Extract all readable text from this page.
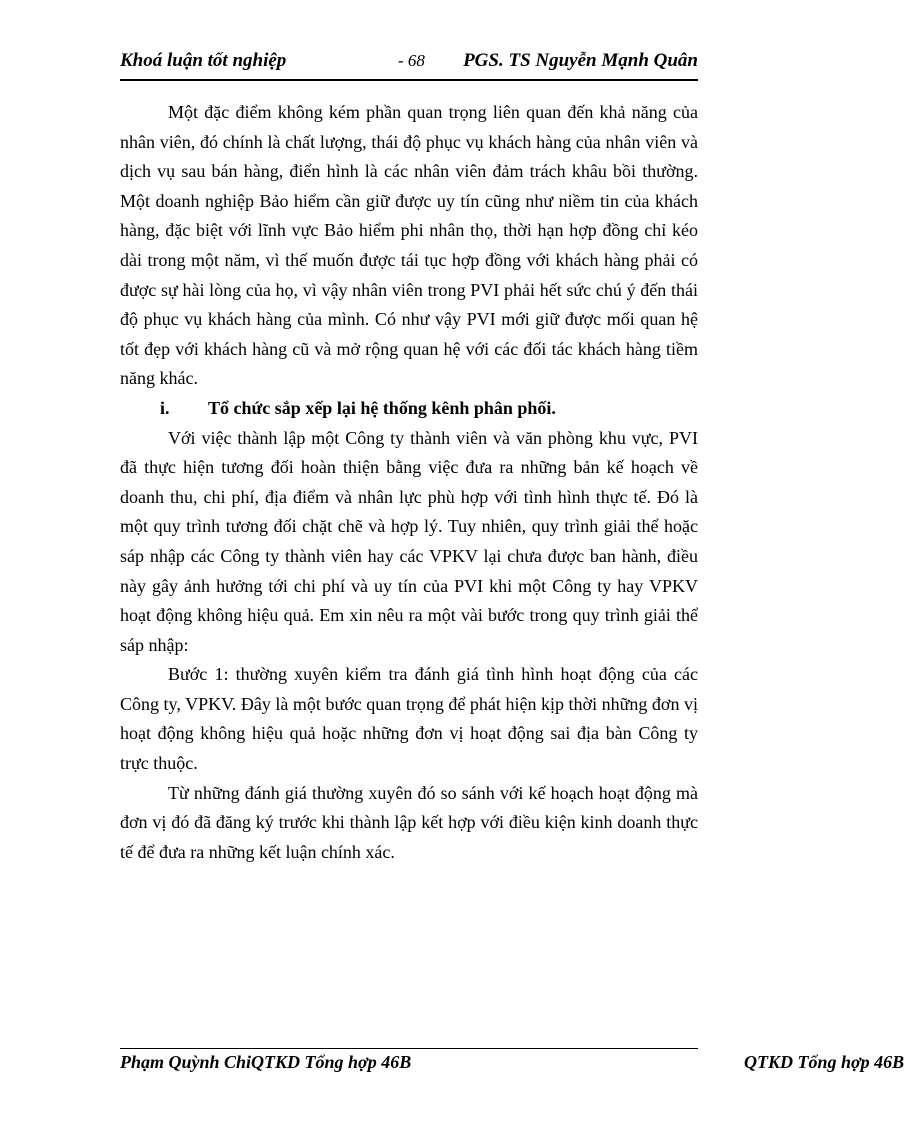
Khoá luận tốt nghiệp	- 68 PGS. TS Nguyễn Mạnh Quân

Một đặc điểm không kém phần quan trọng liên quan đến khả năng của nhân viên, đó chính là chất lượng, thái độ phục vụ khách hàng của nhân viên và dịch vụ sau bán hàng, điển hình là các nhân viên đảm trách khâu bồi thường. Một doanh nghiệp Bảo hiểm cần giữ được uy tín cũng như niềm tin của khách hàng, đặc biệt với lĩnh vực Bảo hiểm phi nhân thọ, thời hạn hợp đồng chỉ kéo dài trong một năm, vì thế muốn được tái tục hợp đồng với khách hàng phải có được sự hài lòng của họ, vì vậy nhân viên trong PVI phải hết sức chú ý đến thái độ phục vụ khách hàng của mình. Có như vậy PVI mới giữ được mối quan hệ tốt đẹp với khách hàng cũ và mở rộng quan hệ với các đối tác khách hàng tiềm năng khác.

i. Tổ chức sắp xếp lại hệ thống kênh phân phối.

Với việc thành lập một Công ty thành viên và văn phòng khu vực, PVI đã thực hiện tương đối hoàn thiện bằng việc đưa ra những bản kế hoạch về doanh thu, chi phí, địa điểm và nhân lực phù hợp với tình hình thực tế. Đó là một quy trình tương đối chặt chẽ và hợp lý. Tuy nhiên, quy trình giải thể hoặc sáp nhập các Công ty thành viên hay các VPKV lại chưa được ban hành, điều này gây ảnh hưởng tới chi phí và uy tín của PVI khi một Công ty hay VPKV hoạt động không hiệu quả. Em xin nêu ra một vài bước trong quy trình giải thể sáp nhập:

Bước 1: thường xuyên kiểm tra đánh giá tình hình hoạt động của các Công ty, VPKV. Đây là một bước quan trọng để phát hiện kịp thời những đơn vị hoạt động không hiệu quả hoặc những đơn vị hoạt động sai địa bàn Công ty trực thuộc.

Từ những đánh giá thường xuyên đó so sánh với kế hoạch hoạt động mà đơn vị đó đã đăng ký trước khi thành lập kết hợp với điều kiện kinh doanh thực tế để đưa ra những kết luận chính xác.

Phạm Quỳnh ChiQTKD Tổng hợp 46B	QTKD Tổng hợp 46B
